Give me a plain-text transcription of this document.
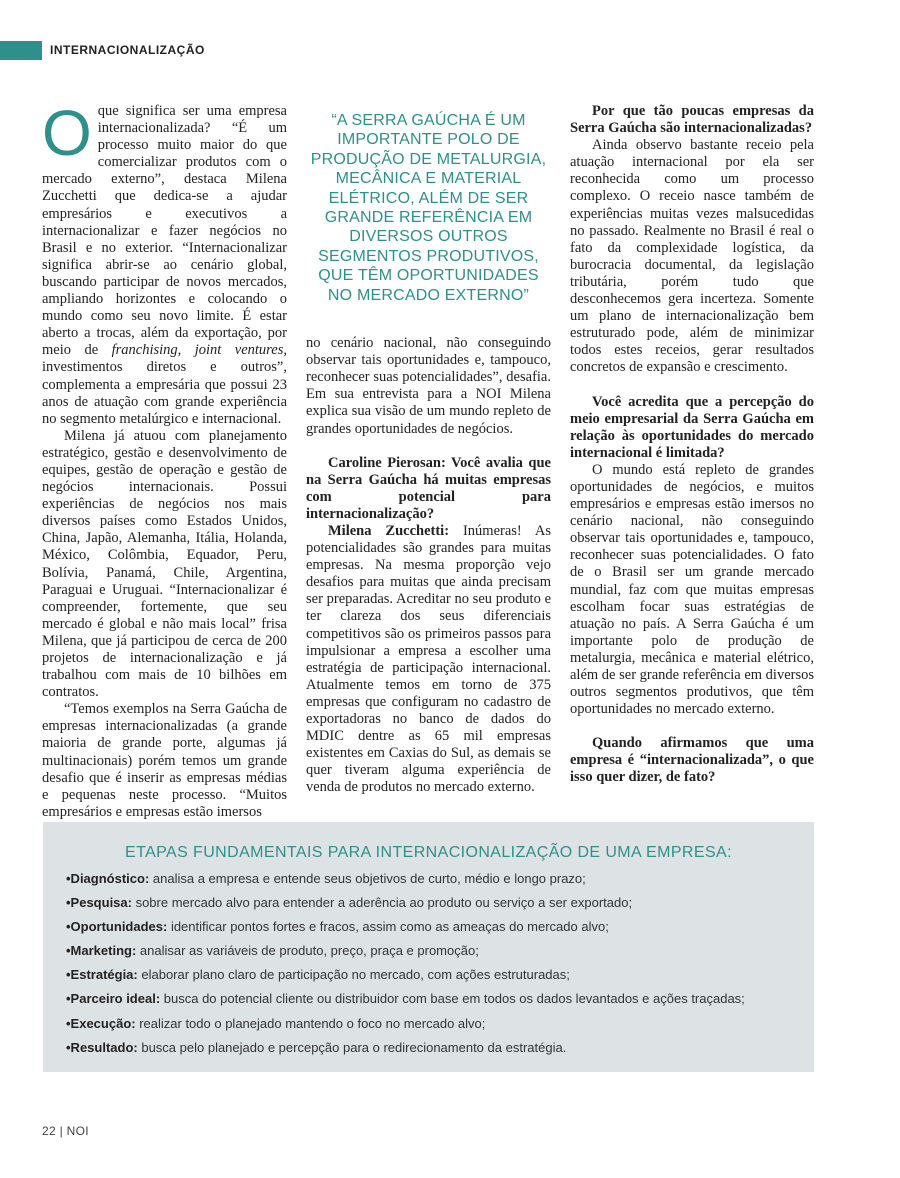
INTERNACIONALIZAÇÃO

Oque significa ser uma empresa internacionalizada? “É um processo muito maior do que comercializar produtos com o mercado externo”, destaca Milena Zucchetti que dedica-se a ajudar empresários e executivos a internacionalizar e fazer negócios no Brasil e no exterior. “Internacionalizar significa abrir-se ao cenário global, buscando participar de novos mercados, ampliando horizontes e colocando o mundo como seu novo limite. É estar aberto a trocas, além da exportação, por meio de franchising, joint ventures, investimentos diretos e outros”, complementa a empresária que possui 23 anos de atuação com grande experiência no segmento metalúrgico e internacional.

Milena já atuou com planejamento estratégico, gestão e desenvolvimento de equipes, gestão de operação e gestão de negócios internacionais. Possui experiências de negócios nos mais diversos países como Estados Unidos, China, Japão, Alemanha, Itália, Holanda, México, Colômbia, Equador, Peru, Bolívia, Panamá, Chile, Argentina, Paraguai e Uruguai. “Internacionalizar é compreender, fortemente, que seu mercado é global e não mais local” frisa Milena, que já participou de cerca de 200 projetos de internacionalização e já trabalhou com mais de 10 bilhões em contratos.

“Temos exemplos na Serra Gaúcha de empresas internacionalizadas (a grande maioria de grande porte, algumas já multinacionais) porém temos um grande desafio que é inserir as empresas médias e pequenas neste processo. “Muitos empresários e empresas estão imersos

“A SERRA GAÚCHA É UM IMPORTANTE POLO DE PRODUÇÃO DE METALURGIA, MECÂNICA E MATERIAL ELÉTRICO, ALÉM DE SER GRANDE REFERÊNCIA EM DIVERSOS OUTROS SEGMENTOS PRODUTIVOS, QUE TÊM OPORTUNIDADES NO MERCADO EXTERNO”

no cenário nacional, não conseguindo observar tais oportunidades e, tampouco, reconhecer suas potencialidades”, desafia. Em sua entrevista para a NOI Milena explica sua visão de um mundo repleto de grandes oportunidades de negócios.

Caroline Pierosan: Você avalia que na Serra Gaúcha há muitas empresas com potencial para internacionalização?

Milena Zucchetti: Inúmeras! As potencialidades são grandes para muitas empresas. Na mesma proporção vejo desafios para muitas que ainda precisam ser preparadas. Acreditar no seu produto e ter clareza dos seus diferenciais competitivos são os primeiros passos para impulsionar a empresa a escolher uma estratégia de participação internacional. Atualmente temos em torno de 375 empresas que configuram no cadastro de exportadoras no banco de dados do MDIC dentre as 65 mil empresas existentes em Caxias do Sul, as demais se quer tiveram alguma experiência de venda de produtos no mercado externo.

Por que tão poucas empresas da Serra Gaúcha são internacionalizadas?

Ainda observo bastante receio pela atuação internacional por ela ser reconhecida como um processo complexo. O receio nasce também de experiências muitas vezes malsucedidas no passado. Realmente no Brasil é real o fato da complexidade logística, da burocracia documental, da legislação tributária, porém tudo que desconhecemos gera incerteza. Somente um plano de internacionalização bem estruturado pode, além de minimizar todos estes receios, gerar resultados concretos de expansão e crescimento.

Você acredita que a percepção do meio empresarial da Serra Gaúcha em relação às oportunidades do mercado internacional é limitada?

O mundo está repleto de grandes oportunidades de negócios, e muitos empresários e empresas estão imersos no cenário nacional, não conseguindo observar tais oportunidades e, tampouco, reconhecer suas potencialidades. O fato de o Brasil ser um grande mercado mundial, faz com que muitas empresas escolham focar suas estratégias de atuação no país. A Serra Gaúcha é um importante polo de produção de metalurgia, mecânica e material elétrico, além de ser grande referência em diversos outros segmentos produtivos, que têm oportunidades no mercado externo.

Quando afirmamos que uma empresa é “internacionalizada”, o que isso quer dizer, de fato?

ETAPAS FUNDAMENTAIS PARA INTERNACIONALIZAÇÃO DE UMA EMPRESA:
•Diagnóstico: analisa a empresa e entende seus objetivos de curto, médio e longo prazo;
•Pesquisa: sobre mercado alvo para entender a aderência ao produto ou serviço a ser exportado;
•Oportunidades: identificar pontos fortes e fracos, assim como as ameaças do mercado alvo;
•Marketing: analisar as variáveis de produto, preço, praça e promoção;
•Estratégia: elaborar plano claro de participação no mercado, com ações estruturadas;
•Parceiro ideal: busca do potencial cliente ou distribuidor com base em todos os dados levantados e ações traçadas;
•Execução: realizar todo o planejado mantendo o foco no mercado alvo;
•Resultado: busca pelo planejado e percepção para o redirecionamento da estratégia.
22 | NOI
